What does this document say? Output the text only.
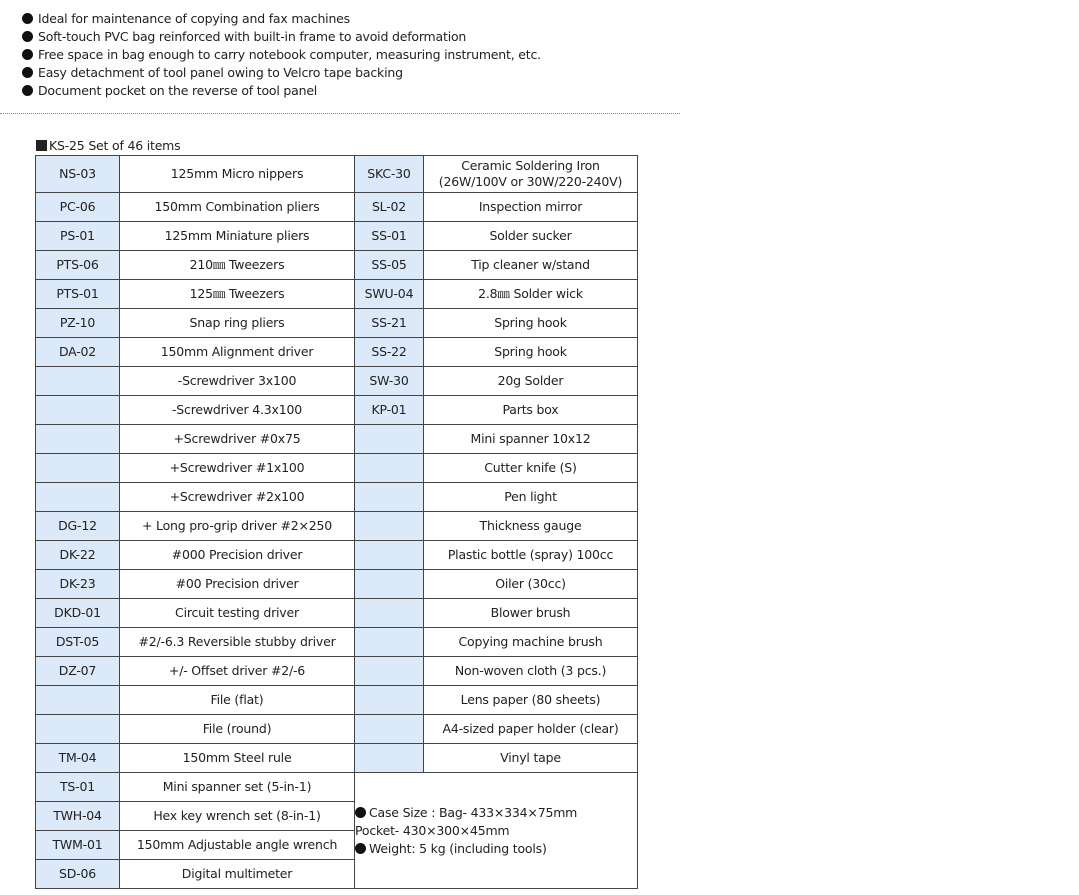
Ideal for maintenance of copying and fax machines
Soft-touch PVC bag reinforced with built-in frame to avoid deformation
Free space in bag enough to carry notebook computer, measuring instrument, etc.
Easy detachment of tool panel owing to Velcro tape backing
Document pocket on the reverse of tool panel
KS-25 Set of 46 items
NS-03	125mm Micro nippers	SKC-30	Ceramic Soldering Iron
(26W/100V or 30W/220-240V)

PC-06	150mm Combination pliers	SL-02	Inspection mirror
PS-01	125mm Miniature pliers	SS-01	Solder sucker
PTS-06	210㎜ Tweezers	SS-05	Tip cleaner w/stand
PTS-01	125㎜ Tweezers	SWU-04	2.8㎜ Solder wick
PZ-10	Snap ring pliers	SS-21	Spring hook
DA-02	150mm Alignment driver	SS-22	Spring hook
	-Screwdriver 3x100	SW-30	20g Solder
	-Screwdriver 4.3x100	KP-01	Parts box
	+Screwdriver #0x75		Mini spanner 10x12
	+Screwdriver #1x100		Cutter knife (S)
	+Screwdriver #2x100		Pen light
DG-12	+ Long pro-grip driver #2×250		Thickness gauge
DK-22	#000 Precision driver		Plastic bottle (spray) 100cc
DK-23	#00 Precision driver		Oiler (30cc)
DKD-01	Circuit testing driver		Blower brush
DST-05	#2/-6.3 Reversible stubby driver		Copying machine brush
DZ-07	+/- Offset driver #2/-6		Non-woven cloth (3 pcs.)
	File (flat)		Lens paper (80 sheets)
	File (round)		A4-sized paper holder (clear)
TM-04	150mm Steel rule		Vinyl tape
TS-01	Mini spanner set (5-in-1)	Case Size : Bag- 433×334×75mm
Pocket- 430×300×45mm
Weight: 5 kg (including tools)	

TWH-04	Hex key wrench set (8-in-1)		
TWM-01	150mm Adjustable angle wrench		
SD-06	Digital multimeter		
